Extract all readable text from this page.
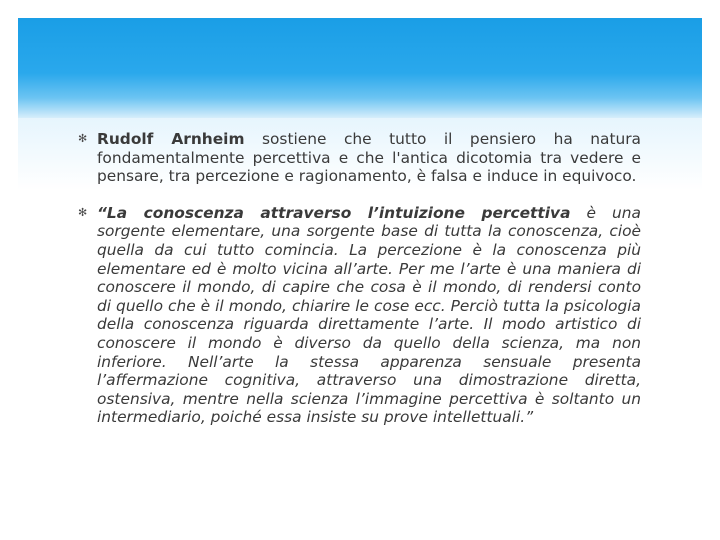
✻ Rudolf Arnheim sostiene che tutto il pensiero ha natura fondamentalmente percettiva e che l'antica dicotomia tra vedere e pensare, tra percezione e ragionamento, è falsa e induce in equivoco.
✻ “La conoscenza attraverso l’intuizione percettiva è una sorgente elementare, una sorgente base di tutta la conoscenza, cioè quella da cui tutto comincia. La percezione è la conoscenza più elementare ed è molto vicina all’arte. Per me l’arte è una maniera di conoscere il mondo, di capire che cosa è il mondo, di rendersi conto di quello che è il mondo, chiarire le cose ecc. Perciò tutta la psicologia della conoscenza riguarda direttamente l’arte. Il modo artistico di conoscere il mondo è diverso da quello della scienza, ma non inferiore. Nell’arte la stessa apparenza sensuale presenta l’affermazione cognitiva, attraverso una dimostrazione diretta, ostensiva, mentre nella scienza l’immagine percettiva è soltanto un intermediario, poiché essa insiste su prove intellettuali.”
